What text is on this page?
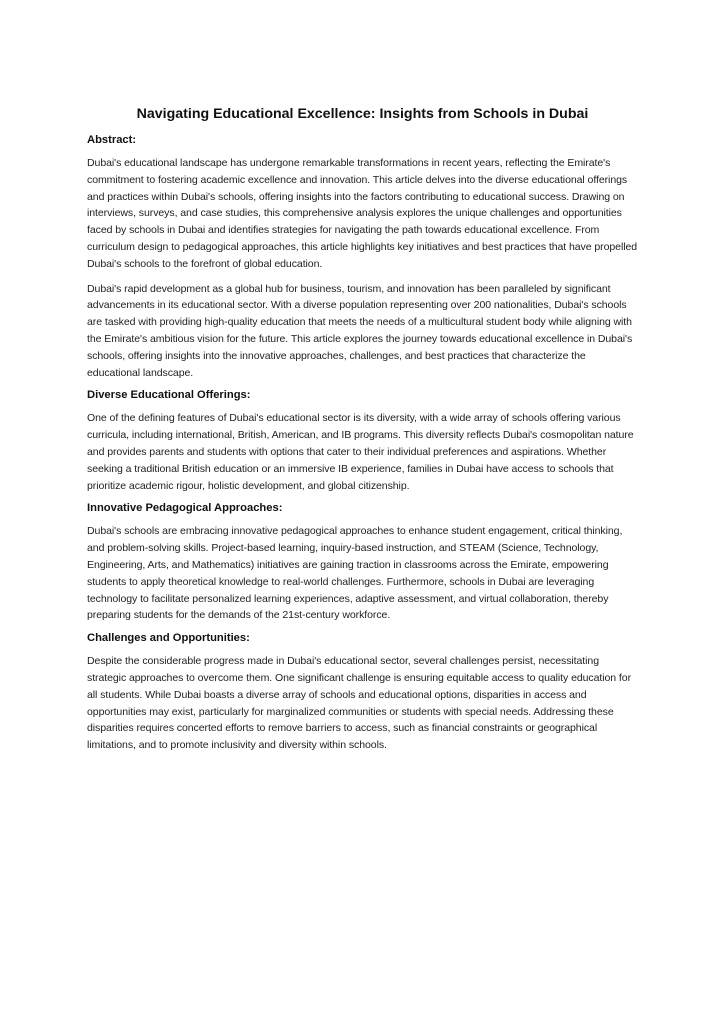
Navigating Educational Excellence: Insights from Schools in Dubai
Abstract:

Dubai's educational landscape has undergone remarkable transformations in recent years, reflecting the Emirate's commitment to fostering academic excellence and innovation. This article delves into the diverse educational offerings and practices within Dubai's schools, offering insights into the factors contributing to educational success. Drawing on interviews, surveys, and case studies, this comprehensive analysis explores the unique challenges and opportunities faced by schools in Dubai and identifies strategies for navigating the path towards educational excellence. From curriculum design to pedagogical approaches, this article highlights key initiatives and best practices that have propelled Dubai's schools to the forefront of global education.

Dubai's rapid development as a global hub for business, tourism, and innovation has been paralleled by significant advancements in its educational sector. With a diverse population representing over 200 nationalities, Dubai's schools are tasked with providing high-quality education that meets the needs of a multicultural student body while aligning with the Emirate's ambitious vision for the future. This article explores the journey towards educational excellence in Dubai's schools, offering insights into the innovative approaches, challenges, and best practices that characterize the educational landscape.

Diverse Educational Offerings:

One of the defining features of Dubai's educational sector is its diversity, with a wide array of schools offering various curricula, including international, British, American, and IB programs. This diversity reflects Dubai's cosmopolitan nature and provides parents and students with options that cater to their individual preferences and aspirations. Whether seeking a traditional British education or an immersive IB experience, families in Dubai have access to schools that prioritize academic rigour, holistic development, and global citizenship.

Innovative Pedagogical Approaches:

Dubai's schools are embracing innovative pedagogical approaches to enhance student engagement, critical thinking, and problem-solving skills. Project-based learning, inquiry-based instruction, and STEAM (Science, Technology, Engineering, Arts, and Mathematics) initiatives are gaining traction in classrooms across the Emirate, empowering students to apply theoretical knowledge to real-world challenges. Furthermore, schools in Dubai are leveraging technology to facilitate personalized learning experiences, adaptive assessment, and virtual collaboration, thereby preparing students for the demands of the 21st-century workforce.

Challenges and Opportunities:

Despite the considerable progress made in Dubai's educational sector, several challenges persist, necessitating strategic approaches to overcome them. One significant challenge is ensuring equitable access to quality education for all students. While Dubai boasts a diverse array of schools and educational options, disparities in access and opportunities may exist, particularly for marginalized communities or students with special needs. Addressing these disparities requires concerted efforts to remove barriers to access, such as financial constraints or geographical limitations, and to promote inclusivity and diversity within schools.
